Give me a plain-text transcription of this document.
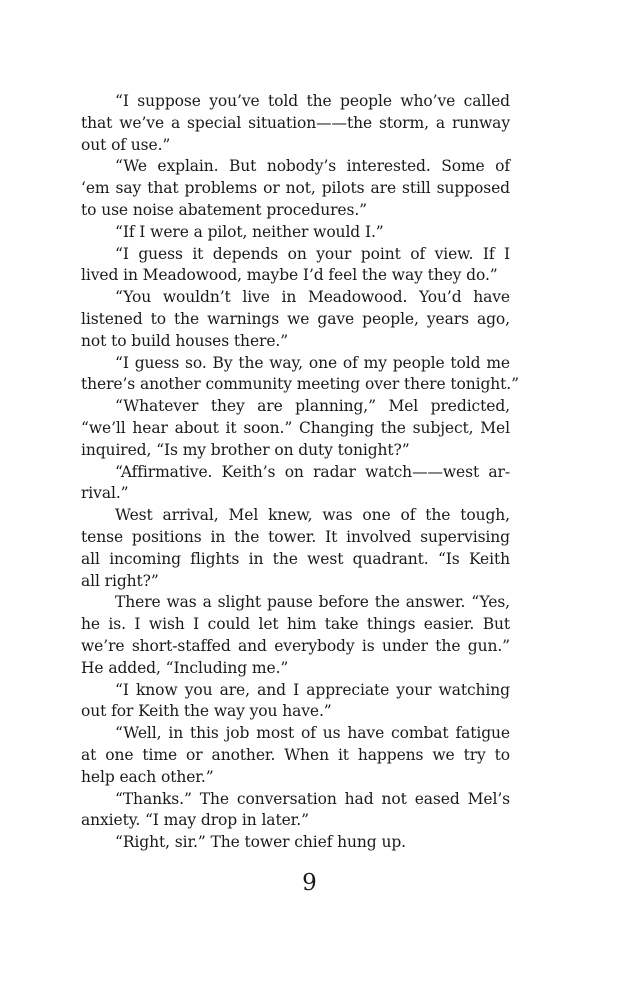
“I suppose you’ve told the people who’ve called
that we’ve a special situation——the storm, a runway
out of use.”
“We explain. But nobody’s interested. Some of
‘em say that problems or not, pilots are still supposed
to use noise abatement procedures.”
“If I were a pilot, neither would I.”
“I guess it depends on your point of view. If I
lived in Meadowood, maybe I’d feel the way they do.”
“You wouldn’t live in Meadowood. You’d have
listened to the warnings we gave people, years ago,
not to build houses there.”
“I guess so. By the way, one of my people told me
there’s another community meeting over there tonight.”
“Whatever they are planning,” Mel predicted,
“we’ll hear about it soon.” Changing the subject, Mel
inquired, “Is my brother on duty tonight?”
“Affirmative. Keith’s on radar watch——west ar-
rival.”
West arrival, Mel knew, was one of the tough,
tense positions in the tower. It involved supervising
all incoming flights in the west quadrant. “Is Keith
all right?”
There was a slight pause before the answer. “Yes,
he is. I wish I could let him take things easier. But
we’re short-staffed and everybody is under the gun.”
He added, “Including me.”
“I know you are, and I appreciate your watching
out for Keith the way you have.”
“Well, in this job most of us have combat fatigue
at one time or another. When it happens we try to
help each other.”
“Thanks.” The conversation had not eased Mel’s
anxiety. “I may drop in later.”
“Right, sir.” The tower chief hung up.
9
